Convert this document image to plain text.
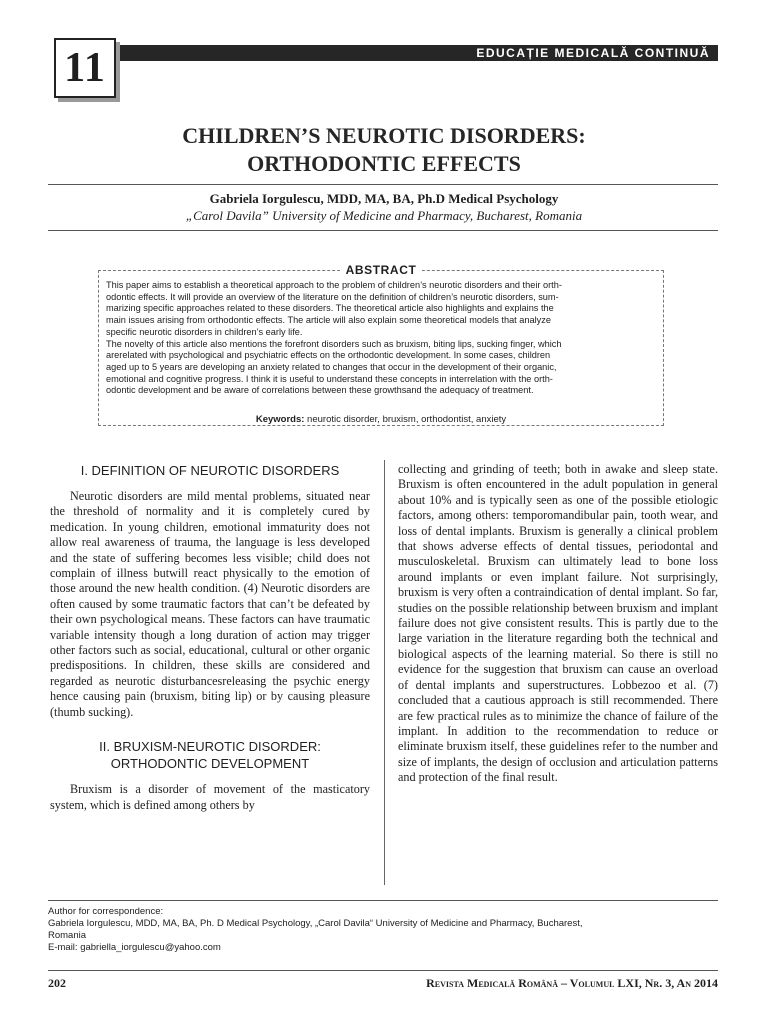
EDUCAȚIE MEDICALĂ CONTINUĂ
11
CHILDREN’S NEUROTIC DISORDERS:
ORTHODONTIC EFFECTS
Gabriela Iorgulescu, MDD, MA, BA, Ph.D Medical Psychology
„Carol Davila” University of Medicine and Pharmacy, Bucharest, Romania
ABSTRACT

This paper aims to establish a theoretical approach to the problem of children’s neurotic disorders and their orth-
odontic effects. It will provide an overview of the literature on the definition of children’s neurotic disorders, sum-
marizing specific approaches related to these disorders. The theoretical article also highlights and explains the
main issues arising from orthodontic effects. The article will also explain some theoretical models that analyze
specific neurotic disorders in children’s early life.

The novelty of this article also mentions the forefront disorders such as bruxism, biting lips, sucking finger, which
arerelated with psychological and psychiatric effects on the orthodontic development. In some cases, children
aged up to 5 years are developing an anxiety related to changes that occur in the development of their organic,
emotional and cognitive progress. I think it is useful to understand these concepts in interrelation with the orth-
odontic development and be aware of correlations between these growthsand the adequacy of treatment.

Keywords: neurotic disorder, bruxism, orthodontist, anxiety
I. DEFINITION OF NEUROTIC DISORDERS

Neurotic disorders are mild mental problems, situated near the threshold of normality and it is completely cured by medication. In young children, emotional immaturity does not allow real awareness of trauma, the language is less developed and the state of suffering becomes less visible; child does not complain of illness butwill react physically to the emotion of those around the new health condition. (4) Neurotic disorders are often caused by some traumatic factors that can’t be defeated by their own psychological means. These factors can have traumatic variable intensity though a long duration of action may trigger other factors such as social, educational, cultural or other organic predispositions. In children, these skills are considered and regarded as neurotic disturbancesreleasing the psychic energy hence causing pain (bruxism, biting lip) or by causing pleasure (thumb sucking).

II. BRUXISM-NEUROTIC DISORDER:
ORTHODONTIC DEVELOPMENT

Bruxism is a disorder of movement of the masticatory system, which is defined among others by

collecting and grinding of teeth; both in awake and sleep state. Bruxism is often encountered in the adult population in general about 10% and is typically seen as one of the possible etiologic factors, among others: temporomandibular pain, tooth wear, and loss of dental implants. Bruxism is generally a clinical problem that shows adverse effects of dental tissues, periodontal and musculoskeletal. Bruxism can ultimately lead to bone loss around implants or even implant failure. Not surprisingly, bruxism is very often a contraindication of dental implant. So far, studies on the possible relationship between bruxism and implant failure does not give consistent results. This is partly due to the large variation in the literature regarding both the technical and biological aspects of the learning material. So there is still no evidence for the suggestion that bruxism can cause an overload of dental implants and superstructures. Lobbezoo et al. (7) concluded that a cautious approach is still recommended. There are few practical rules as to minimize the chance of failure of the implant. In addition to the recommendation to reduce or eliminate bruxism itself, these guidelines refer to the number and size of implants, the design of occlusion and articulation patterns and protection of the final result.

Author for correspondence:
Gabriela Iorgulescu, MDD, MA, BA, Ph. D Medical Psychology, „Carol Davila“ University of Medicine and Pharmacy, Bucharest,
Romania
E-mail: gabriella_iorgulescu@yahoo.com
202	Revista Medicală Română – Volumul LXI, Nr. 3, An 2014
